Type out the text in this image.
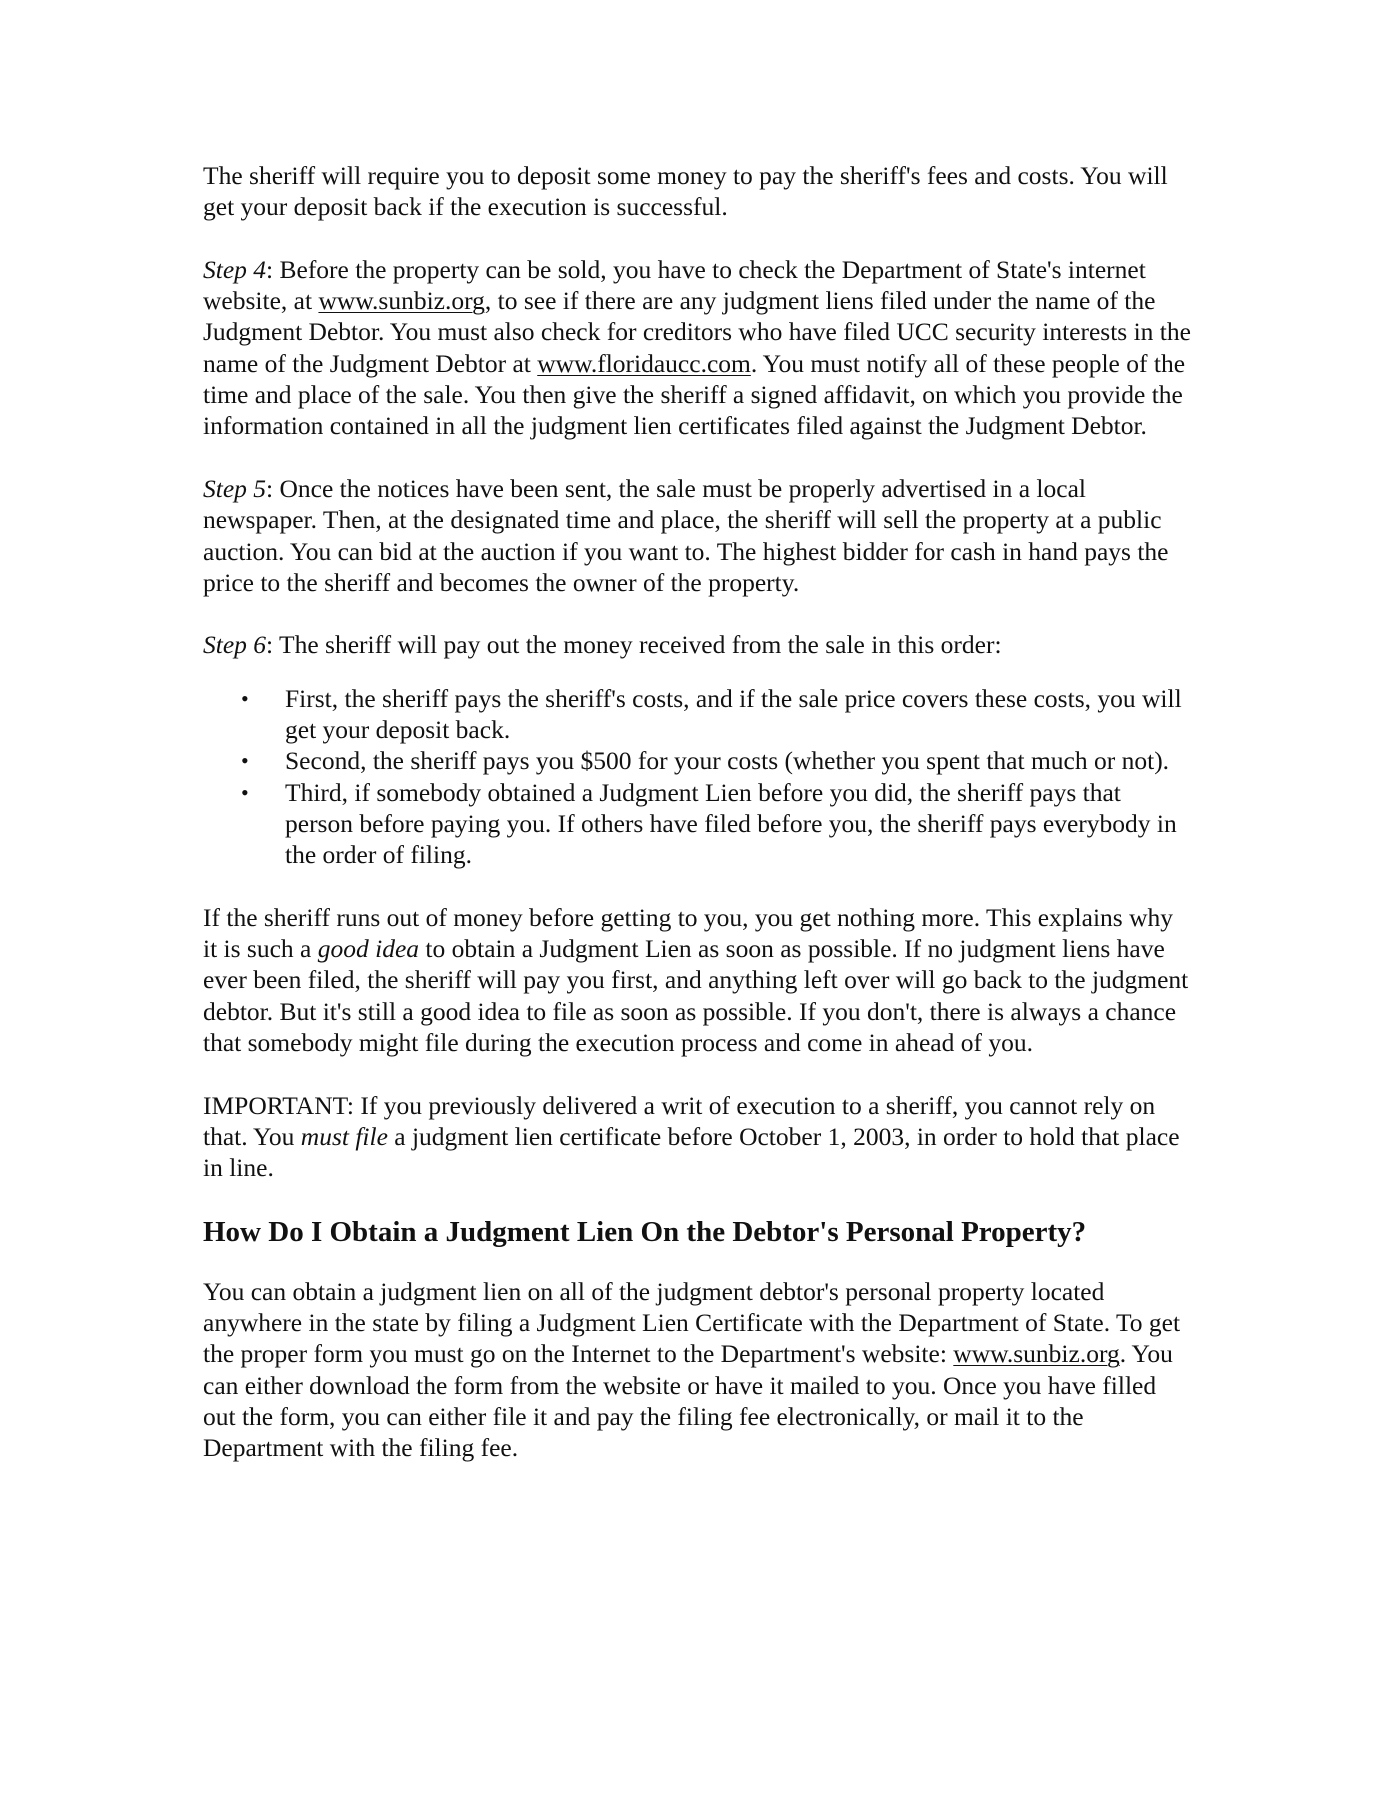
The sheriff will require you to deposit some money to pay the sheriff's fees and costs. You will get your deposit back if the execution is successful.

Step 4: Before the property can be sold, you have to check the Department of State's internet website, at www.sunbiz.org, to see if there are any judgment liens filed under the name of the Judgment Debtor. You must also check for creditors who have filed UCC security interests in the name of the Judgment Debtor at www.floridaucc.com. You must notify all of these people of the time and place of the sale. You then give the sheriff a signed affidavit, on which you provide the information contained in all the judgment lien certificates filed against the Judgment Debtor.

Step 5: Once the notices have been sent, the sale must be properly advertised in a local newspaper. Then, at the designated time and place, the sheriff will sell the property at a public auction. You can bid at the auction if you want to. The highest bidder for cash in hand pays the price to the sheriff and becomes the owner of the property.

Step 6: The sheriff will pay out the money received from the sale in this order:

• First, the sheriff pays the sheriff's costs, and if the sale price covers these costs, you will get your deposit back.
• Second, the sheriff pays you $500 for your costs (whether you spent that much or not).
• Third, if somebody obtained a Judgment Lien before you did, the sheriff pays that person before paying you. If others have filed before you, the sheriff pays everybody in the order of filing.

If the sheriff runs out of money before getting to you, you get nothing more. This explains why it is such a good idea to obtain a Judgment Lien as soon as possible. If no judgment liens have ever been filed, the sheriff will pay you first, and anything left over will go back to the judgment debtor. But it's still a good idea to file as soon as possible. If you don't, there is always a chance that somebody might file during the execution process and come in ahead of you.

IMPORTANT: If you previously delivered a writ of execution to a sheriff, you cannot rely on that. You must file a judgment lien certificate before October 1, 2003, in order to hold that place in line.

How Do I Obtain a Judgment Lien On the Debtor's Personal Property?

You can obtain a judgment lien on all of the judgment debtor's personal property located anywhere in the state by filing a Judgment Lien Certificate with the Department of State. To get the proper form you must go on the Internet to the Department's website: www.sunbiz.org. You can either download the form from the website or have it mailed to you. Once you have filled out the form, you can either file it and pay the filing fee electronically, or mail it to the Department with the filing fee.
